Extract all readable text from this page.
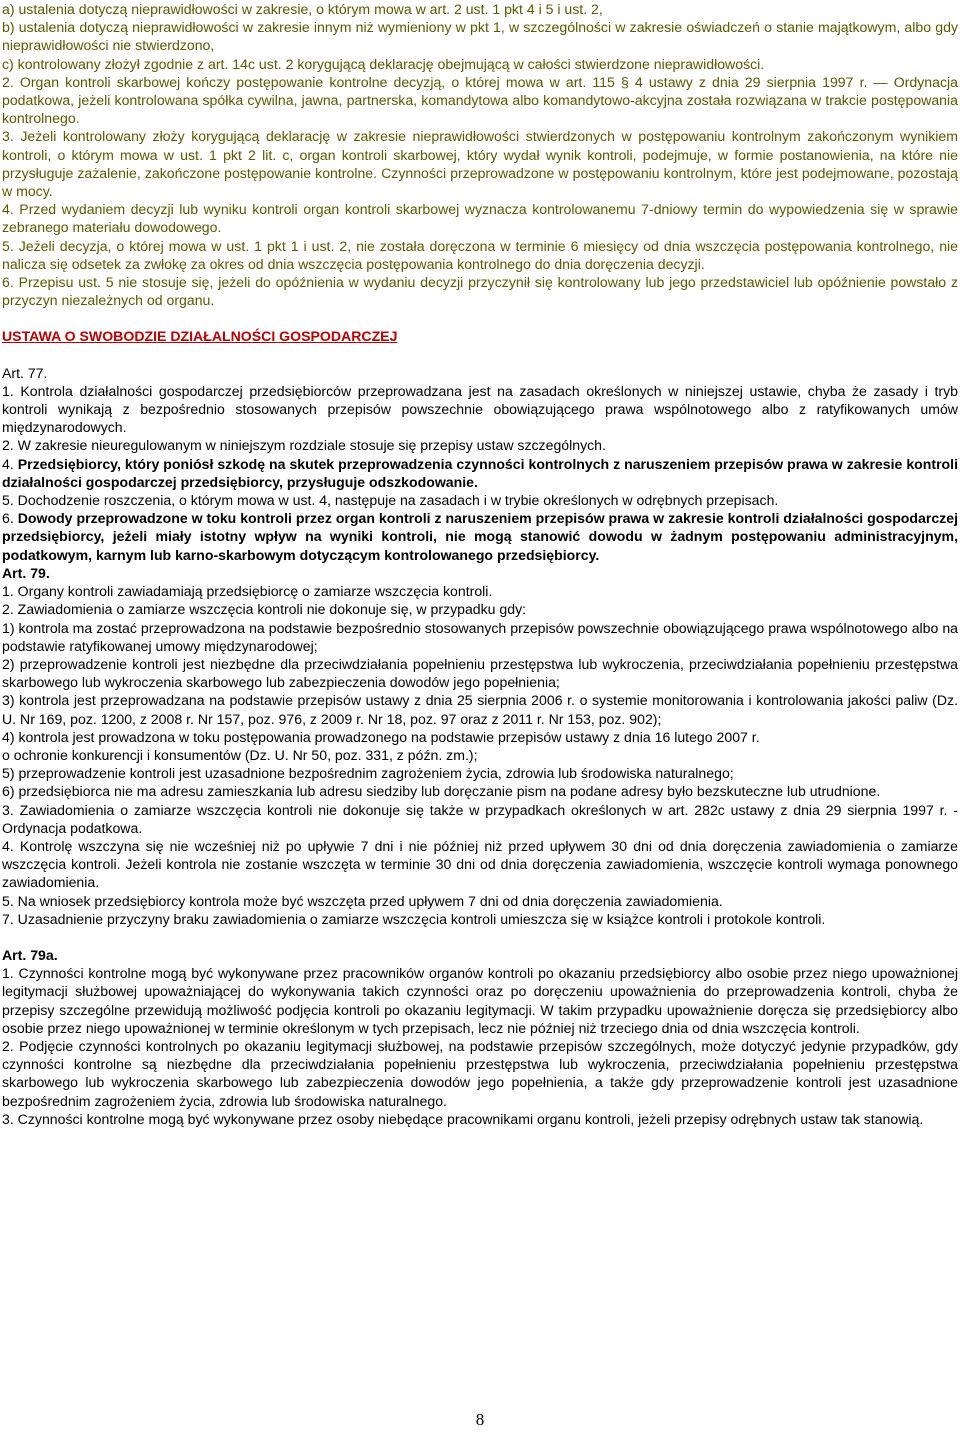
a) ustalenia dotyczą nieprawidłowości w zakresie, o którym mowa w art. 2 ust. 1 pkt 4 i 5 i ust. 2,

b) ustalenia dotyczą nieprawidłowości w zakresie innym niż wymieniony w pkt 1, w szczególności w zakresie oświadczeń o stanie majątkowym, albo gdy nieprawidłowości nie stwierdzono,

c) kontrolowany złożył zgodnie z art. 14c ust. 2 korygującą deklarację obejmującą w całości stwierdzone nieprawidłowości.

2. Organ kontroli skarbowej kończy postępowanie kontrolne decyzją, o której mowa w art. 115 § 4 ustawy z dnia 29 sierpnia 1997 r. — Ordynacja podatkowa, jeżeli kontrolowana spółka cywilna, jawna, partnerska, komandytowa albo komandytowo-akcyjna została rozwiązana w trakcie postępowania kontrolnego.

3. Jeżeli kontrolowany złoży korygującą deklarację w zakresie nieprawidłowości stwierdzonych w postępowaniu kontrolnym zakończonym wynikiem kontroli, o którym mowa w ust. 1 pkt 2 lit. c, organ kontroli skarbowej, który wydał wynik kontroli, podejmuje, w formie postanowienia, na które nie przysługuje zażalenie, zakończone postępowanie kontrolne. Czynności przeprowadzone w postępowaniu kontrolnym, które jest podejmowane, pozostają w mocy.

4. Przed wydaniem decyzji lub wyniku kontroli organ kontroli skarbowej wyznacza kontrolowanemu 7-dniowy termin do wypowiedzenia się w sprawie zebranego materiału dowodowego.

5. Jeżeli decyzja, o której mowa w ust. 1 pkt 1 i ust. 2, nie została doręczona w terminie 6 miesięcy od dnia wszczęcia postępowania kontrolnego, nie nalicza się odsetek za zwłokę za okres od dnia wszczęcia postępowania kontrolnego do dnia doręczenia decyzji.

6. Przepisu ust. 5 nie stosuje się, jeżeli do opóźnienia w wydaniu decyzji przyczynił się kontrolowany lub jego przedstawiciel lub opóźnienie powstało z przyczyn niezależnych od organu.

USTAWA O SWOBODZIE DZIAŁALNOŚCI GOSPODARCZEJ

Art. 77.

1. Kontrola działalności gospodarczej przedsiębiorców przeprowadzana jest na zasadach określonych w niniejszej ustawie, chyba że zasady i tryb kontroli wynikają z bezpośrednio stosowanych przepisów powszechnie obowiązującego prawa wspólnotowego albo z ratyfikowanych umów międzynarodowych.

2. W zakresie nieuregulowanym w niniejszym rozdziale stosuje się przepisy ustaw szczególnych.

4. Przedsiębiorcy, który poniósł szkodę na skutek przeprowadzenia czynności kontrolnych z naruszeniem przepisów prawa w zakresie kontroli działalności gospodarczej przedsiębiorcy, przysługuje odszkodowanie.

5. Dochodzenie roszczenia, o którym mowa w ust. 4, następuje na zasadach i w trybie określonych w odrębnych przepisach.

6. Dowody przeprowadzone w toku kontroli przez organ kontroli z naruszeniem przepisów prawa w zakresie kontroli działalności gospodarczej przedsiębiorcy, jeżeli miały istotny wpływ na wyniki kontroli, nie mogą stanowić dowodu w żadnym postępowaniu administracyjnym, podatkowym, karnym lub karno-skarbowym dotyczącym kontrolowanego przedsiębiorcy.

Art. 79.

1. Organy kontroli zawiadamiają przedsiębiorcę o zamiarze wszczęcia kontroli.

2. Zawiadomienia o zamiarze wszczęcia kontroli nie dokonuje się, w przypadku gdy:

1) kontrola ma zostać przeprowadzona na podstawie bezpośrednio stosowanych przepisów powszechnie obowiązującego prawa wspólnotowego albo na podstawie ratyfikowanej umowy międzynarodowej;

2) przeprowadzenie kontroli jest niezbędne dla przeciwdziałania popełnieniu przestępstwa lub wykroczenia, przeciwdziałania popełnieniu przestępstwa skarbowego lub wykroczenia skarbowego lub zabezpieczenia dowodów jego popełnienia;

3) kontrola jest przeprowadzana na podstawie przepisów ustawy z dnia 25 sierpnia 2006 r. o systemie monitorowania i kontrolowania jakości paliw (Dz. U. Nr 169, poz. 1200, z 2008 r. Nr 157, poz. 976, z 2009 r. Nr 18, poz. 97 oraz z 2011 r. Nr 153, poz. 902);

4) kontrola jest prowadzona w toku postępowania prowadzonego na podstawie przepisów ustawy z dnia 16 lutego 2007 r.

o ochronie konkurencji i konsumentów (Dz. U. Nr 50, poz. 331, z późn. zm.);

5) przeprowadzenie kontroli jest uzasadnione bezpośrednim zagrożeniem życia, zdrowia lub środowiska naturalnego;

6) przedsiębiorca nie ma adresu zamieszkania lub adresu siedziby lub doręczanie pism na podane adresy było bezskuteczne lub utrudnione.

3. Zawiadomienia o zamiarze wszczęcia kontroli nie dokonuje się także w przypadkach określonych w art. 282c ustawy z dnia 29 sierpnia 1997 r. - Ordynacja podatkowa.

4. Kontrolę wszczyna się nie wcześniej niż po upływie 7 dni i nie później niż przed upływem 30 dni od dnia doręczenia zawiadomienia o zamiarze wszczęcia kontroli. Jeżeli kontrola nie zostanie wszczęta w terminie 30 dni od dnia doręczenia zawiadomienia, wszczęcie kontroli wymaga ponownego zawiadomienia.

5. Na wniosek przedsiębiorcy kontrola może być wszczęta przed upływem 7 dni od dnia doręczenia zawiadomienia.

7. Uzasadnienie przyczyny braku zawiadomienia o zamiarze wszczęcia kontroli umieszcza się w książce kontroli i protokole kontroli.

Art. 79a.

1. Czynności kontrolne mogą być wykonywane przez pracowników organów kontroli po okazaniu przedsiębiorcy albo osobie przez niego upoważnionej legitymacji służbowej upoważniającej do wykonywania takich czynności oraz po doręczeniu upoważnienia do przeprowadzenia kontroli, chyba że przepisy szczególne przewidują możliwość podjęcia kontroli po okazaniu legitymacji. W takim przypadku upoważnienie doręcza się przedsiębiorcy albo osobie przez niego upoważnionej w terminie określonym w tych przepisach, lecz nie później niż trzeciego dnia od dnia wszczęcia kontroli.

2. Podjęcie czynności kontrolnych po okazaniu legitymacji służbowej, na podstawie przepisów szczególnych, może dotyczyć jedynie przypadków, gdy czynności kontrolne są niezbędne dla przeciwdziałania popełnieniu przestępstwa lub wykroczenia, przeciwdziałania popełnieniu przestępstwa skarbowego lub wykroczenia skarbowego lub zabezpieczenia dowodów jego popełnienia, a także gdy przeprowadzenie kontroli jest uzasadnione bezpośrednim zagrożeniem życia, zdrowia lub środowiska naturalnego.

3. Czynności kontrolne mogą być wykonywane przez osoby niebędące pracownikami organu kontroli, jeżeli przepisy odrębnych ustaw tak stanowią.

8
